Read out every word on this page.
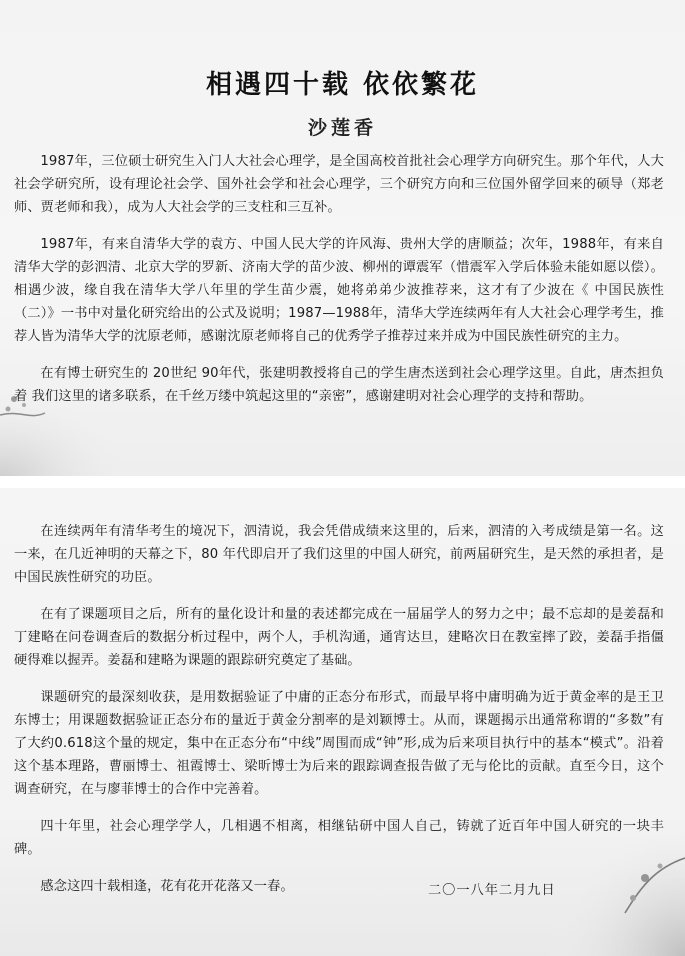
相遇四十载 依依繁花
沙莲香

1987年，三位硕士研究生入门人大社会心理学，是全国高校首批社会心理学方向研究生。那个年代，人大社会学研究所，设有理论社会学、国外社会学和社会心理学，三个研究方向和三位国外留学回来的硕导（郑老师、贾老师和我），成为人大社会学的三支柱和三互补。

1987年，有来自清华大学的袁方、中国人民大学的许风海、贵州大学的唐顺益；次年，1988年，有来自清华大学的彭泗清、北京大学的罗新、济南大学的苗少波、柳州的谭震军（惜震军入学后体验未能如愿以偿）。相遇少波，缘自我在清华大学八年里的学生苗少震，她将弟弟少波推荐来，这才有了少波在《 中国民族性（二）》一书中对量化研究给出的公式及说明；1987—1988年，清华大学连续两年有人大社会心理学考生，推荐人皆为清华大学的沈原老师，感谢沈原老师将自己的优秀学子推荐过来并成为中国民族性研究的主力。

在有博士研究生的 20世纪 90年代，张建明教授将自己的学生唐杰送到社会心理学这里。自此，唐杰担负着 我们这里的诸多联系，在千丝万缕中筑起这里的“亲密”，感谢建明对社会心理学的支持和帮助。

在连续两年有清华考生的境况下，泗清说，我会凭借成绩来这里的，后来，泗清的入考成绩是第一名。这一来，在几近神明的天幕之下，80 年代即启开了我们这里的中国人研究，前两届研究生，是天然的承担者，是中国民族性研究的功臣。

在有了课题项目之后，所有的量化设计和量的表述都完成在一届届学人的努力之中；最不忘却的是姜磊和丁建略在问卷调查后的数据分析过程中，两个人，手机沟通，通宵达旦，建略次日在教室摔了跤，姜磊手指僵硬得难以握弄。姜磊和建略为课题的跟踪研究奠定了基础。

课题研究的最深刻收获，是用数据验证了中庸的正态分布形式，而最早将中庸明确为近于黄金率的是王卫东博士；用课题数据验证正态分布的量近于黄金分割率的是刘颖博士。从而，课题揭示出通常称谓的“多数”有了大约0.618这个量的规定，集中在正态分布“中线”周围而成“钟”形,成为后来项目执行中的基本“模式”。沿着这个基本理路，曹丽博士、祖霞博士、梁昕博士为后来的跟踪调查报告做了无与伦比的贡献。直至今日，这个调查研究，在与廖菲博士的合作中完善着。

四十年里，社会心理学学人，几相遇不相离，相继钻研中国人自己，铸就了近百年中国人研究的一块丰碑。

感念这四十载相逢，花有花开花落又一春。	二〇一八年二月九日
